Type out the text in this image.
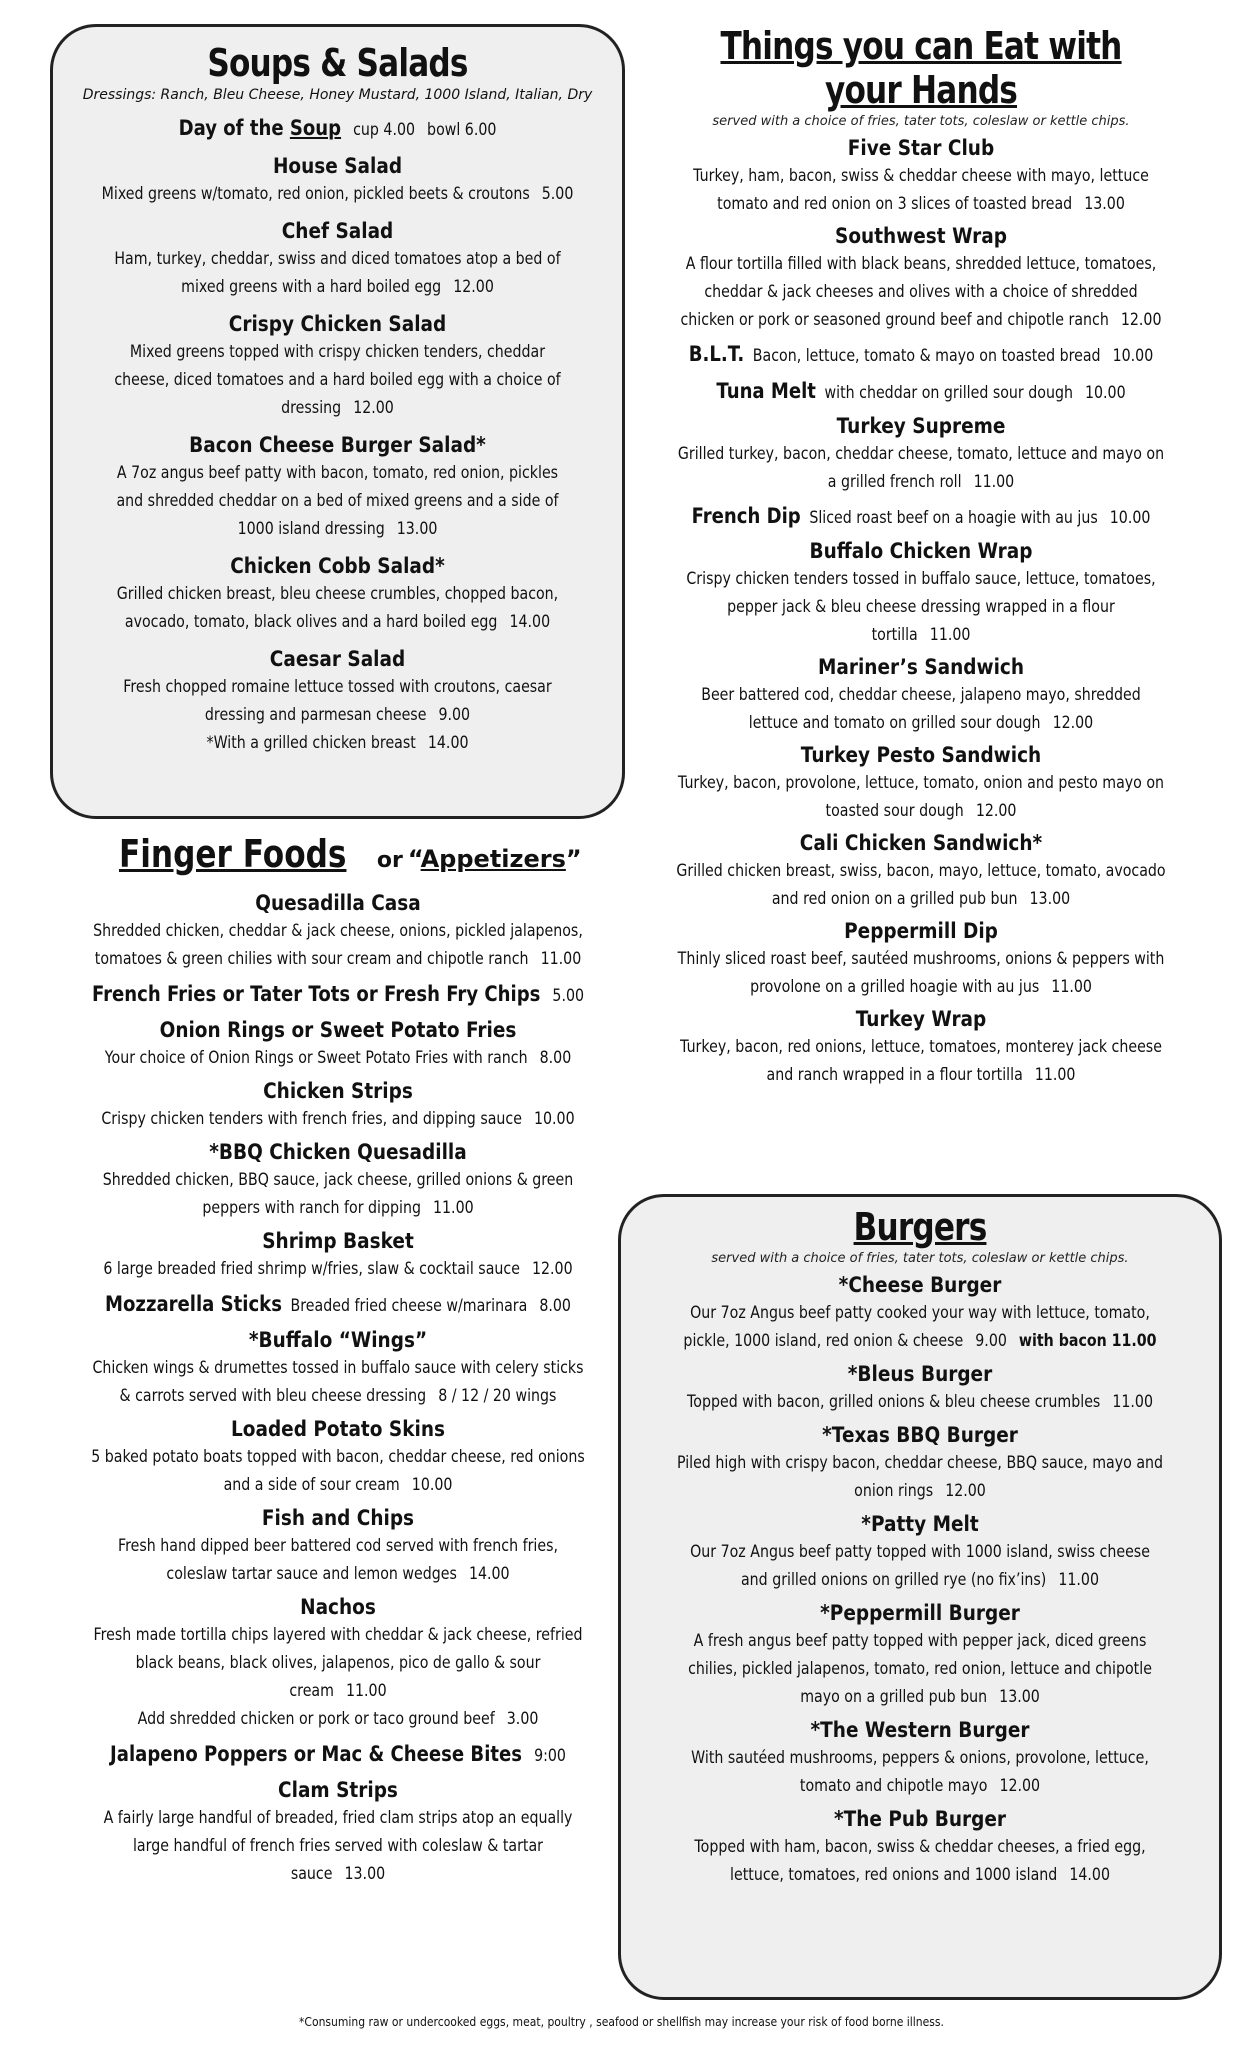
Soups & Salads
Dressings: Ranch, Bleu Cheese, Honey Mustard, 1000 Island, Italian, Dry
Day of the Soup cup 4.00 bowl 6.00
House Salad
Mixed greens w/tomato, red onion, pickled beets & croutons 5.00
Chef Salad
Ham, turkey, cheddar, swiss and diced tomatoes atop a bed of mixed greens with a hard boiled egg 12.00
Crispy Chicken Salad
Mixed greens topped with crispy chicken tenders, cheddar cheese, diced tomatoes and a hard boiled egg with a choice of dressing 12.00
Bacon Cheese Burger Salad*
A 7oz angus beef patty with bacon, tomato, red onion, pickles and shredded cheddar on a bed of mixed greens and a side of 1000 island dressing 13.00
Chicken Cobb Salad*
Grilled chicken breast, bleu cheese crumbles, chopped bacon, avocado, tomato, black olives and a hard boiled egg 14.00
Caesar Salad
Fresh chopped romaine lettuce tossed with croutons, caesar dressing and parmesan cheese 9.00
*With a grilled chicken breast 14.00
Finger Foods or “Appetizers”
Quesadilla Casa
Shredded chicken, cheddar & jack cheese, onions, pickled jalapenos, tomatoes & green chilies with sour cream and chipotle ranch 11.00
French Fries or Tater Tots or Fresh Fry Chips 5.00
Onion Rings or Sweet Potato Fries
Your choice of Onion Rings or Sweet Potato Fries with ranch 8.00
Chicken Strips
Crispy chicken tenders with french fries, and dipping sauce 10.00
*BBQ Chicken Quesadilla
Shredded chicken, BBQ sauce, jack cheese, grilled onions & green peppers with ranch for dipping 11.00
Shrimp Basket
6 large breaded fried shrimp w/fries, slaw & cocktail sauce 12.00
Mozzarella Sticks Breaded fried cheese w/marinara 8.00
*Buffalo “Wings”
Chicken wings & drumettes tossed in buffalo sauce with celery sticks & carrots served with bleu cheese dressing 8 / 12 / 20 wings
Loaded Potato Skins
5 baked potato boats topped with bacon, cheddar cheese, red onions and a side of sour cream 10.00
Fish and Chips
Fresh hand dipped beer battered cod served with french fries, coleslaw tartar sauce and lemon wedges 14.00
Nachos
Fresh made tortilla chips layered with cheddar & jack cheese, refried black beans, black olives, jalapenos, pico de gallo & sour cream 11.00
Add shredded chicken or pork or taco ground beef 3.00
Jalapeno Poppers or Mac & Cheese Bites 9:00
Clam Strips
A fairly large handful of breaded, fried clam strips atop an equally large handful of french fries served with coleslaw & tartar sauce 13.00
Things you can Eat with your Hands
served with a choice of fries, tater tots, coleslaw or kettle chips.
Five Star Club
Turkey, ham, bacon, swiss & cheddar cheese with mayo, lettuce tomato and red onion on 3 slices of toasted bread 13.00
Southwest Wrap
A flour tortilla filled with black beans, shredded lettuce, tomatoes, cheddar & jack cheeses and olives with a choice of shredded chicken or pork or seasoned ground beef and chipotle ranch 12.00
B.L.T. Bacon, lettuce, tomato & mayo on toasted bread 10.00
Tuna Melt with cheddar on grilled sour dough 10.00
Turkey Supreme
Grilled turkey, bacon, cheddar cheese, tomato, lettuce and mayo on a grilled french roll 11.00
French Dip Sliced roast beef on a hoagie with au jus 10.00
Buffalo Chicken Wrap
Crispy chicken tenders tossed in buffalo sauce, lettuce, tomatoes, pepper jack & bleu cheese dressing wrapped in a flour tortilla 11.00
Mariner’s Sandwich
Beer battered cod, cheddar cheese, jalapeno mayo, shredded lettuce and tomato on grilled sour dough 12.00
Turkey Pesto Sandwich
Turkey, bacon, provolone, lettuce, tomato, onion and pesto mayo on toasted sour dough 12.00
Cali Chicken Sandwich*
Grilled chicken breast, swiss, bacon, mayo, lettuce, tomato, avocado and red onion on a grilled pub bun 13.00
Peppermill Dip
Thinly sliced roast beef, sautéed mushrooms, onions & peppers with provolone on a grilled hoagie with au jus 11.00
Turkey Wrap
Turkey, bacon, red onions, lettuce, tomatoes, monterey jack cheese and ranch wrapped in a flour tortilla 11.00
Burgers
served with a choice of fries, tater tots, coleslaw or kettle chips.
*Cheese Burger
Our 7oz Angus beef patty cooked your way with lettuce, tomato, pickle, 1000 island, red onion & cheese 9.00 with bacon 11.00
*Bleus Burger
Topped with bacon, grilled onions & bleu cheese crumbles 11.00
*Texas BBQ Burger
Piled high with crispy bacon, cheddar cheese, BBQ sauce, mayo and onion rings 12.00
*Patty Melt
Our 7oz Angus beef patty topped with 1000 island, swiss cheese and grilled onions on grilled rye (no fix’ins) 11.00
*Peppermill Burger
A fresh angus beef patty topped with pepper jack, diced greens chilies, pickled jalapenos, tomato, red onion, lettuce and chipotle mayo on a grilled pub bun 13.00
*The Western Burger
With sautéed mushrooms, peppers & onions, provolone, lettuce, tomato and chipotle mayo 12.00
*The Pub Burger
Topped with ham, bacon, swiss & cheddar cheeses, a fried egg, lettuce, tomatoes, red onions and 1000 island 14.00
*Consuming raw or undercooked eggs, meat, poultry , seafood or shellfish may increase your risk of food borne illness.
